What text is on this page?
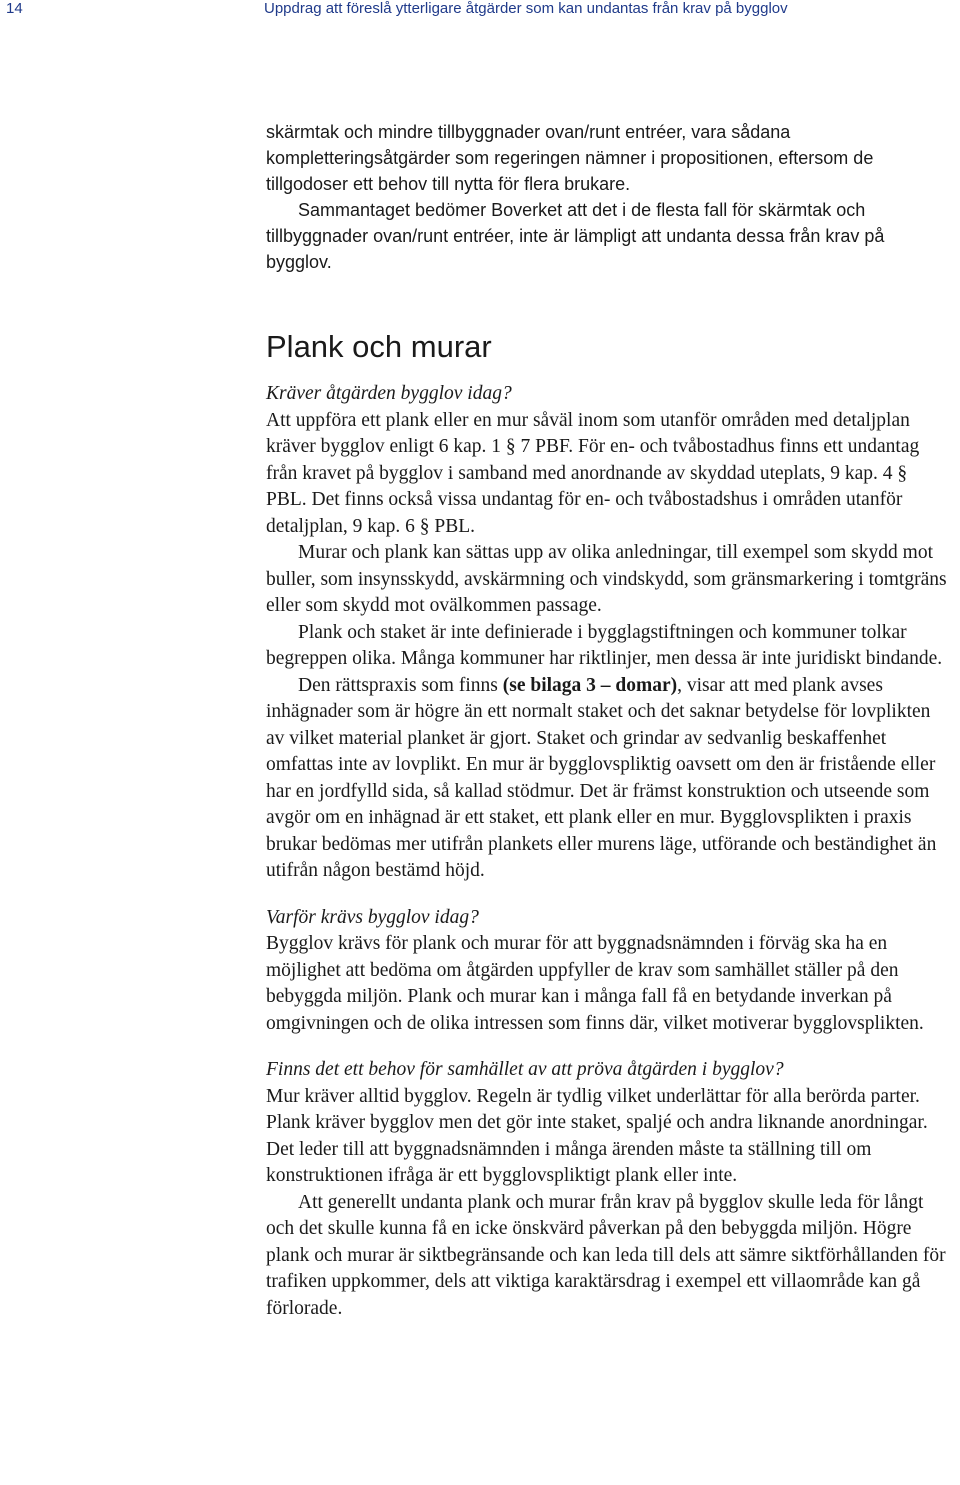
14	Uppdrag att föreslå ytterligare åtgärder som kan undantas från krav på bygglov

skärmtak och mindre tillbyggnader ovan/runt entréer, vara sådana kompletteringsåtgärder som regeringen nämner i propositionen, eftersom de tillgodoser ett behov till nytta för flera brukare.

Sammantaget bedömer Boverket att det i de flesta fall för skärmtak och tillbyggnader ovan/runt entréer, inte är lämpligt att undanta dessa från krav på bygglov.

Plank och murar

Kräver åtgärden bygglov idag?

Att uppföra ett plank eller en mur såväl inom som utanför områden med detaljplan kräver bygglov enligt 6 kap. 1 § 7 PBF. För en- och tvåbostadhus finns ett undantag från kravet på bygglov i samband med anordnande av skyddad uteplats, 9 kap. 4 § PBL. Det finns också vissa undantag för en- och tvåbostadshus i områden utanför detaljplan, 9 kap. 6 § PBL.

Murar och plank kan sättas upp av olika anledningar, till exempel som skydd mot buller, som insynsskydd, avskärmning och vindskydd, som gränsmarkering i tomtgräns eller som skydd mot ovälkommen passage.

Plank och staket är inte definierade i bygglagstiftningen och kommuner tolkar begreppen olika. Många kommuner har riktlinjer, men dessa är inte juridiskt bindande.

Den rättspraxis som finns (se bilaga 3 – domar), visar att med plank avses inhägnader som är högre än ett normalt staket och det saknar betydelse för lovplikten av vilket material planket är gjort. Staket och grindar av sedvanlig beskaffenhet omfattas inte av lovplikt. En mur är bygglovspliktig oavsett om den är fristående eller har en jordfylld sida, så kallad stödmur. Det är främst konstruktion och utseende som avgör om en inhägnad är ett staket, ett plank eller en mur. Bygglovsplikten i praxis brukar bedömas mer utifrån plankets eller murens läge, utförande och beständighet än utifrån någon bestämd höjd.

Varför krävs bygglov idag?

Bygglov krävs för plank och murar för att byggnadsnämnden i förväg ska ha en möjlighet att bedöma om åtgärden uppfyller de krav som samhället ställer på den bebyggda miljön. Plank och murar kan i många fall få en betydande inverkan på omgivningen och de olika intressen som finns där, vilket motiverar bygglovsplikten.

Finns det ett behov för samhället av att pröva åtgärden i bygglov?

Mur kräver alltid bygglov. Regeln är tydlig vilket underlättar för alla berörda parter. Plank kräver bygglov men det gör inte staket, spaljé och andra liknande anordningar. Det leder till att byggnadsnämnden i många ärenden måste ta ställning till om konstruktionen ifråga är ett bygglovspliktigt plank eller inte.

Att generellt undanta plank och murar från krav på bygglov skulle leda för långt och det skulle kunna få en icke önskvärd påverkan på den bebyggda miljön. Högre plank och murar är siktbegränsande och kan leda till dels att sämre siktförhållanden för trafiken uppkommer, dels att viktiga karaktärsdrag i exempel ett villaområde kan gå förlorade.
